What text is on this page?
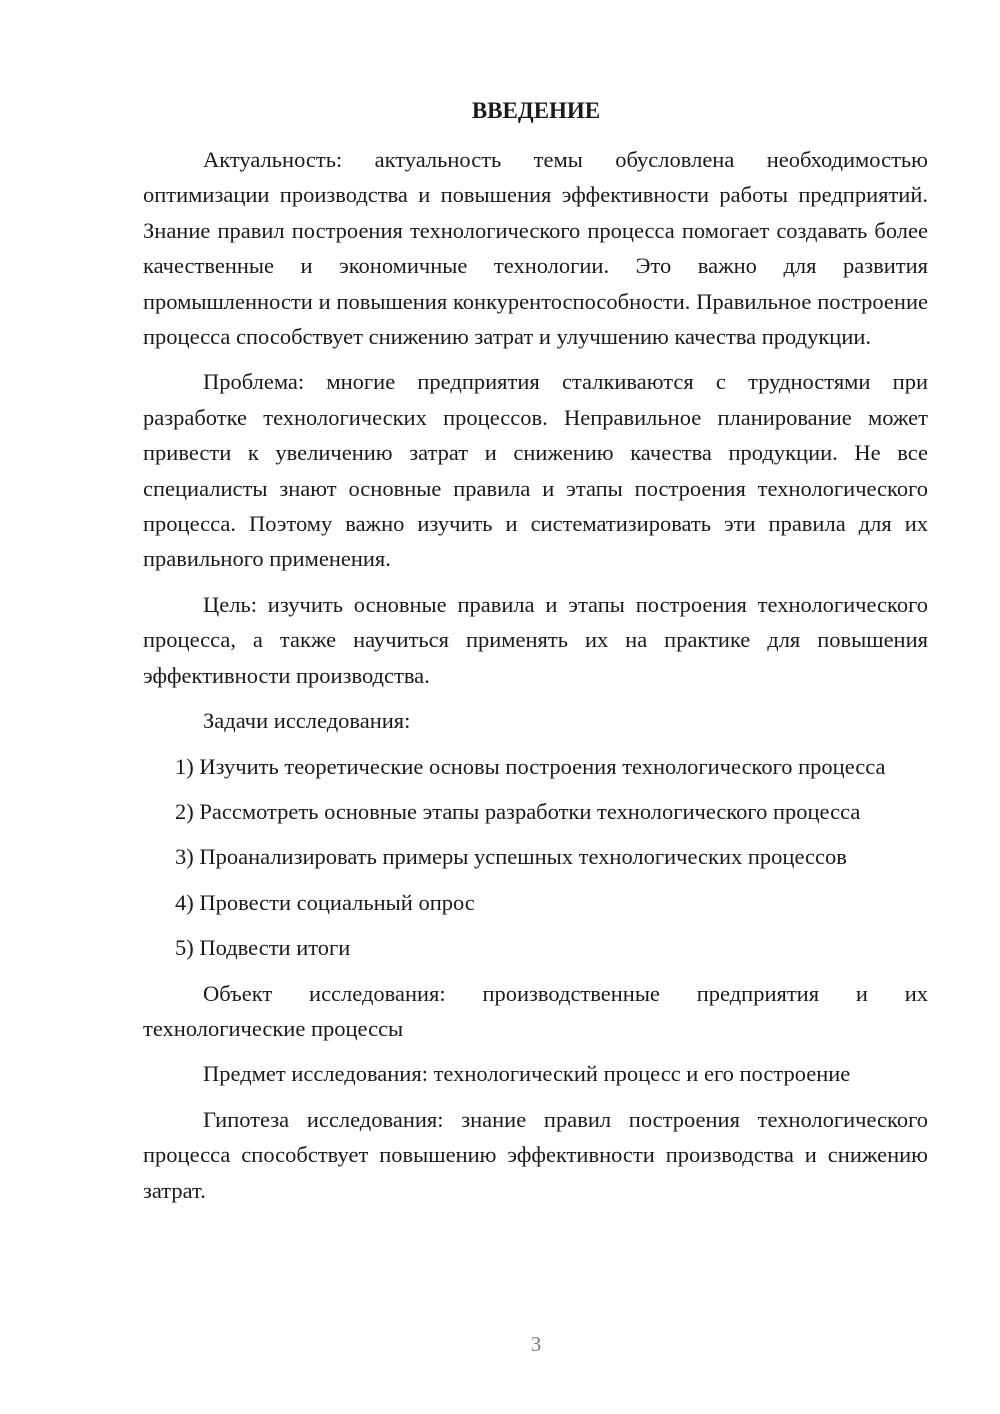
ВВЕДЕНИЕ

Актуальность: актуальность темы обусловлена необходимостью оптимизации производства и повышения эффективности работы предприятий. Знание правил построения технологического процесса помогает создавать более качественные и экономичные технологии. Это важно для развития промышленности и повышения конкурентоспособности. Правильное построение процесса способствует снижению затрат и улучшению качества продукции.

Проблема: многие предприятия сталкиваются с трудностями при разработке технологических процессов. Неправильное планирование может привести к увеличению затрат и снижению качества продукции. Не все специалисты знают основные правила и этапы построения технологического процесса. Поэтому важно изучить и систематизировать эти правила для их правильного применения.

Цель: изучить основные правила и этапы построения технологического процесса, а также научиться применять их на практике для повышения эффективности производства.

Задачи исследования:

1) Изучить теоретические основы построения технологического процесса

2) Рассмотреть основные этапы разработки технологического процесса

3) Проанализировать примеры успешных технологических процессов

4) Провести социальный опрос

5) Подвести итоги

Объект исследования: производственные предприятия и их технологические процессы

Предмет исследования: технологический процесс и его построение

Гипотеза исследования: знание правил построения технологического процесса способствует повышению эффективности производства и снижению затрат.

3
